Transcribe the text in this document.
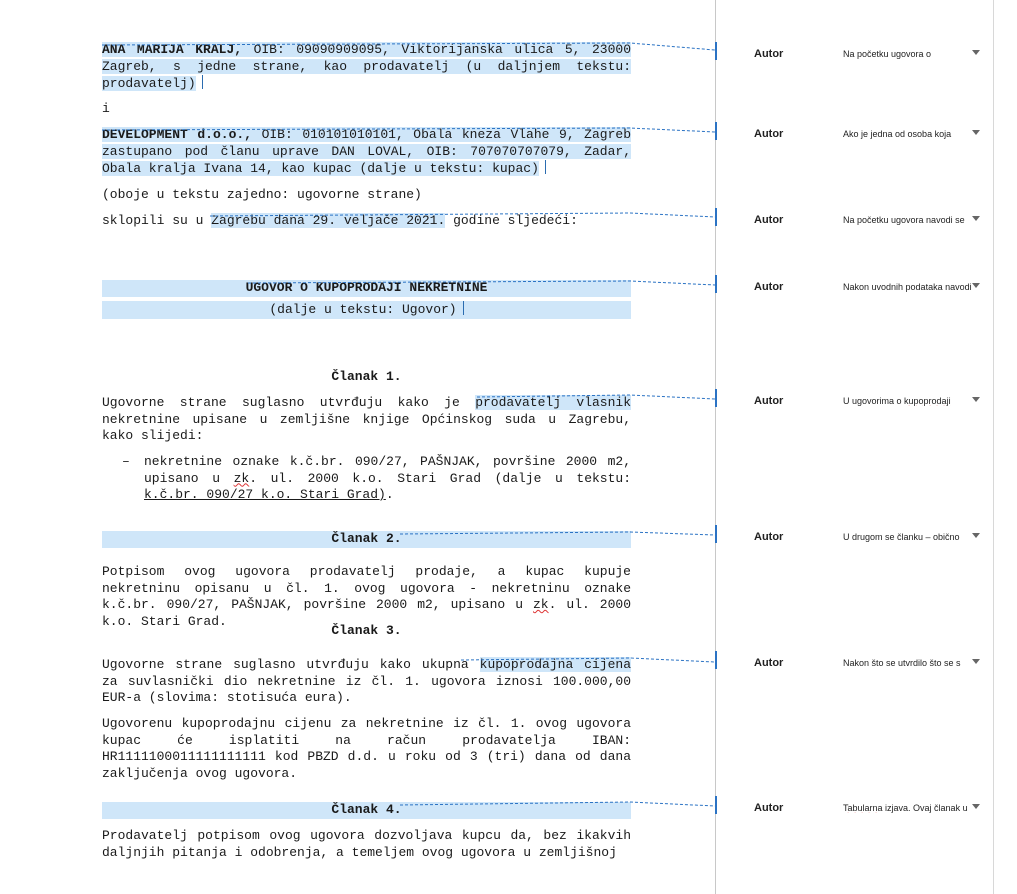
ANA MARIJA KRALJ, OIB: 09090909095, Viktorijanska ulica 5, 23000 Zagreb, s jedne strane, kao prodavatelj (u daljnjem tekstu: prodavatelj)

i

DEVELOPMENT d.o.o., OIB: 010101010101, Obala kneza Vlahe 9, Zagreb zastupano pod članu uprave DAN LOVAL, OIB: 707070707079, Zadar, Obala kralja Ivana 14, kao kupac (dalje u tekstu: kupac)

(oboje u tekstu zajedno: ugovorne strane)

sklopili su u Zagrebu dana 29. veljače 2021. godine sljedeći:

UGOVOR O KUPOPRODAJI NEKRETNINE

(dalje u tekstu: Ugovor)

Članak 1.

Ugovorne strane suglasno utvrđuju kako je prodavatelj vlasnik nekretnine upisane u zemljišne knjige Općinskog suda u Zagrebu, kako slijedi:

– nekretnine oznake k.č.br. 090/27, PAŠNJAK, površine 2000 m2, upisano u zk. ul. 2000 k.o. Stari Grad (dalje u tekstu: k.č.br. 090/27 k.o. Stari Grad).

Članak 2.

Potpisom ovog ugovora prodavatelj prodaje, a kupac kupuje nekretninu opisanu u čl. 1. ovog ugovora - nekretninu oznake k.č.br. 090/27, PAŠNJAK, površine 2000 m2, upisano u zk. ul. 2000 k.o. Stari Grad.

Članak 3.

Ugovorne strane suglasno utvrđuju kako ukupna kupoprodajna cijena za suvlasnički dio nekretnine iz čl. 1. ugovora iznosi 100.000,00 EUR-a (slovima: stotisuća eura).

Ugovorenu kupoprodajnu cijenu za nekretnine iz čl. 1. ovog ugovora kupac će isplatiti na račun prodavatelja IBAN: HR1111100011111111111 kod PBZD d.d. u roku od 3 (tri) dana od dana zaključenja ovog ugovora.

Članak 4.

Prodavatelj potpisom ovog ugovora dozvoljava kupcu da, bez ikakvih daljnjih pitanja i odobrenja, a temeljem ovog ugovora u zemljišnoj

Autor	Na početku ugovora o
Autor	Ako je jedna od osoba koja
Autor	Na početku ugovora navodi se
Autor	Nakon uvodnih podataka navodi
Autor	U ugovorima o kupoprodaji
Autor	U drugom se članku – obično
Autor	Nakon što se utvrdilo što se s
Autor	Tabularna izjava. Ovaj članak u
